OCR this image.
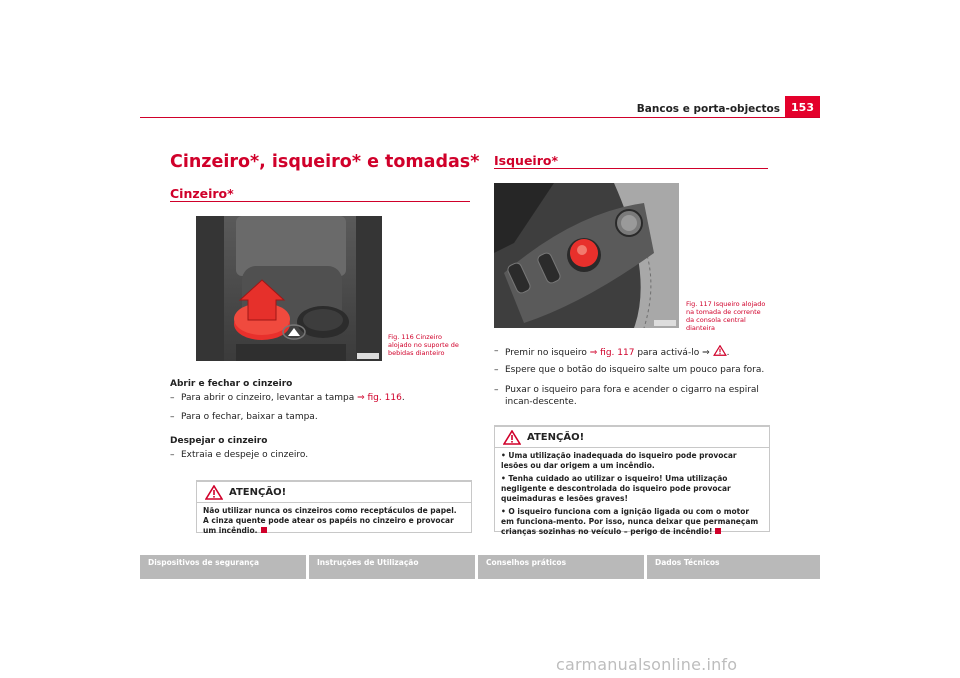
Bancos e porta-objectos	153
Cinzeiro*, isqueiro* e tomadas*
Cinzeiro*
Fig. 116 Cinzeiro alojado no suporte de bebidas dianteiro
Abrir e fechar o cinzeiro
– Para abrir o cinzeiro, levantar a tampa ⇒ fig. 116.
– Para o fechar, baixar a tampa.
Despejar o cinzeiro
– Extraia e despeje o cinzeiro.
ATENÇÃO!
Não utilizar nunca os cinzeiros como receptáculos de papel. A cinza quente pode atear os papéis no cinzeiro e provocar um incêndio.
Isqueiro*
Fig. 117 Isqueiro alojado na tomada de corrente da consola central dianteira
– Premir no isqueiro ⇒ fig. 117 para activá-lo ⇒ .
– Espere que o botão do isqueiro salte um pouco para fora.
– Puxar o isqueiro para fora e acender o cigarro na espiral incan-descente.
ATENÇÃO!

• Uma utilização inadequada do isqueiro pode provocar lesões ou dar origem a um incêndio.

• Tenha cuidado ao utilizar o isqueiro! Uma utilização negligente e descontrolada do isqueiro pode provocar queimaduras e lesões graves!

• O isqueiro funciona com a ignição ligada ou com o motor em funciona-mento. Por isso, nunca deixar que permaneçam crianças sozinhas no veículo – perigo de incêndio!

Dispositivos de segurança	Instruções de Utilização	Conselhos práticos	Dados Técnicos
carmanualsonline.info
